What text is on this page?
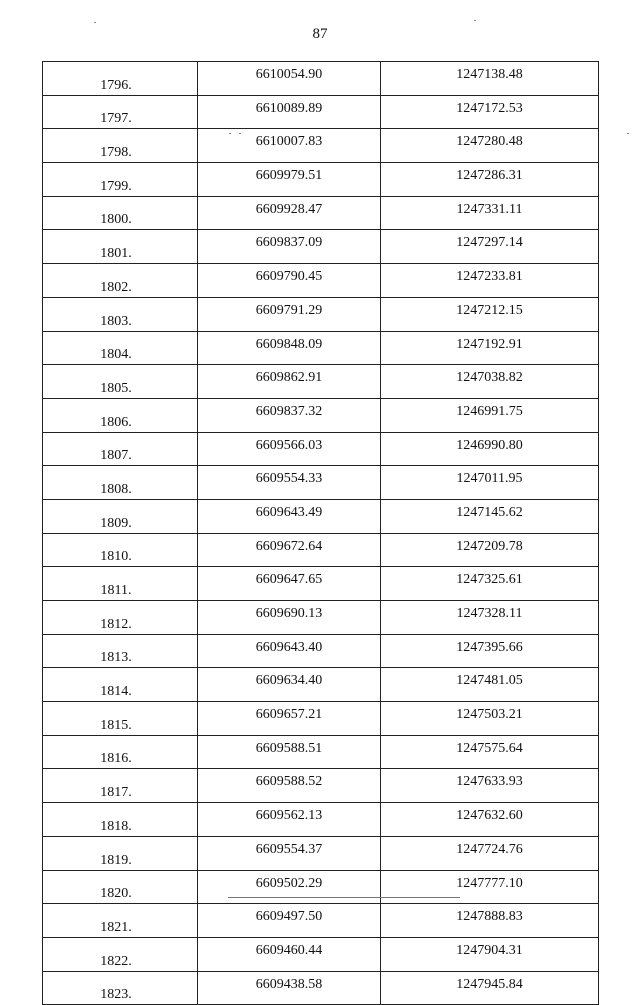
87
1796.	6610054.90	1247138.48
1797.	6610089.89	1247172.53
1798.	6610007.83	1247280.48
1799.	6609979.51	1247286.31
1800.	6609928.47	1247331.11
1801.	6609837.09	1247297.14
1802.	6609790.45	1247233.81
1803.	6609791.29	1247212.15
1804.	6609848.09	1247192.91
1805.	6609862.91	1247038.82
1806.	6609837.32	1246991.75
1807.	6609566.03	1246990.80
1808.	6609554.33	1247011.95
1809.	6609643.49	1247145.62
1810.	6609672.64	1247209.78
1811.	6609647.65	1247325.61
1812.	6609690.13	1247328.11
1813.	6609643.40	1247395.66
1814.	6609634.40	1247481.05
1815.	6609657.21	1247503.21
1816.	6609588.51	1247575.64
1817.	6609588.52	1247633.93
1818.	6609562.13	1247632.60
1819.	6609554.37	1247724.76
1820.	6609502.29	1247777.10
1821.	6609497.50	1247888.83
1822.	6609460.44	1247904.31
1823.	6609438.58	1247945.84
